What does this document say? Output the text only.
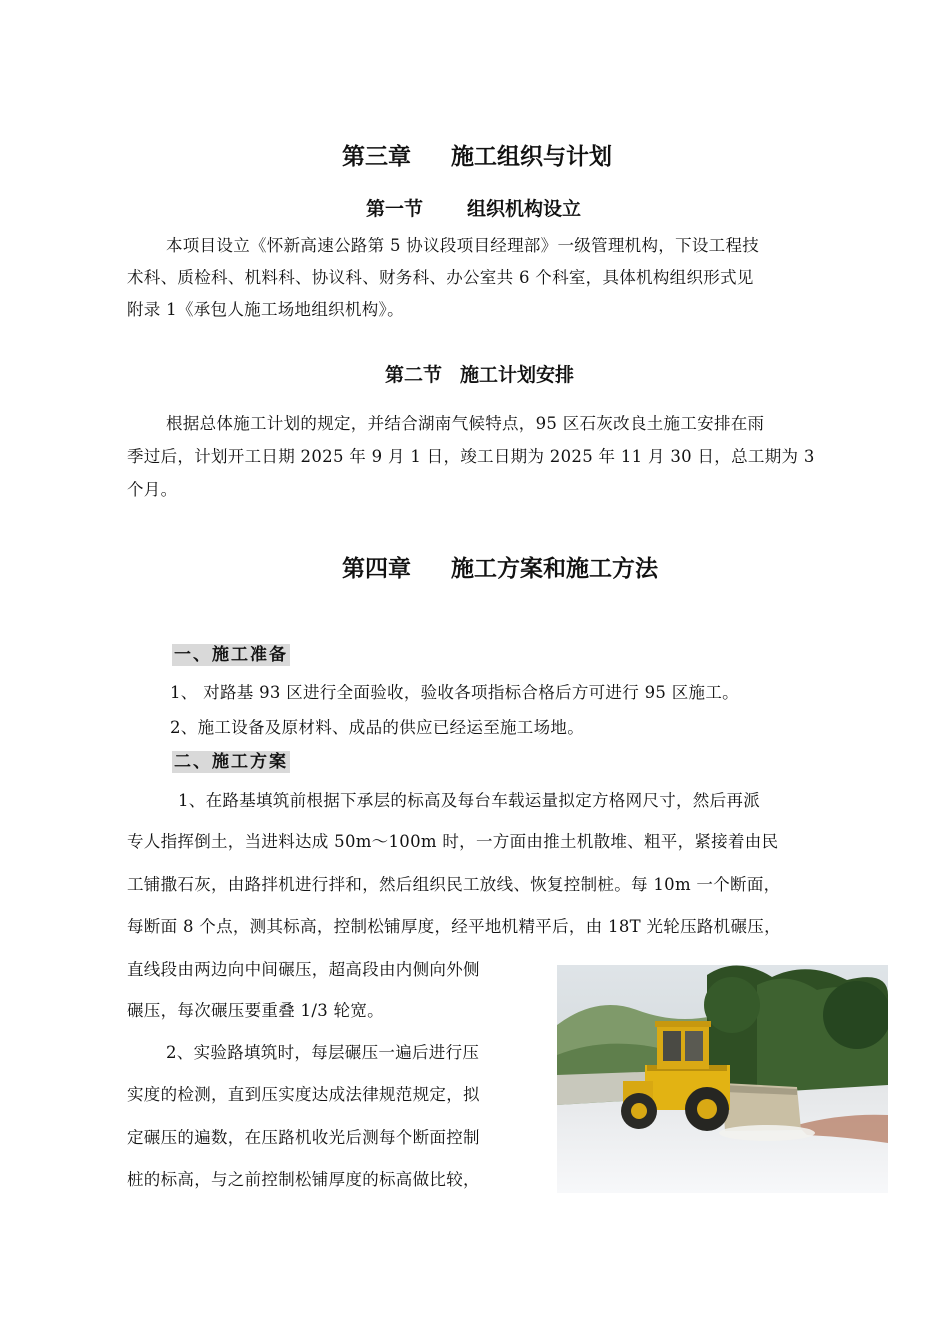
第三章 施工组织与计划
第一节 组织机构设立
本项目设立《怀新高速公路第 5 协议段项目经理部》一级管理机构，下设工程技
术科、质检科、机料科、协议科、财务科、办公室共 6 个科室，具体机构组织形式见
附录 1《承包人施工场地组织机构》。
第二节 施工计划安排
根据总体施工计划的规定，并结合湖南气候特点，95 区石灰改良土施工安排在雨
季过后，计划开工日期 2025 年 9 月 1 日，竣工日期为 2025 年 11 月 30 日，总工期为 3
个月。
第四章 施工方案和施工方法
一、施工准备
1、 对路基 93 区进行全面验收，验收各项指标合格后方可进行 95 区施工。
2、施工设备及原材料、成品的供应已经运至施工场地。
二、施工方案
1、在路基填筑前根据下承层的标高及每台车载运量拟定方格网尺寸，然后再派
专人指挥倒土，当进料达成 50m～100m 时，一方面由推土机散堆、粗平，紧接着由民
工铺撒石灰，由路拌机进行拌和，然后组织民工放线、恢复控制桩。每 10m 一个断面，
每断面 8 个点，测其标高，控制松铺厚度，经平地机精平后，由 18T 光轮压路机碾压，
直线段由两边向中间碾压，超高段由内侧向外侧
碾压，每次碾压要重叠 1/3 轮宽。
2、实验路填筑时，每层碾压一遍后进行压
实度的检测，直到压实度达成法律规范规定，拟
定碾压的遍数，在压路机收光后测每个断面控制
桩的标高，与之前控制松铺厚度的标高做比较，
